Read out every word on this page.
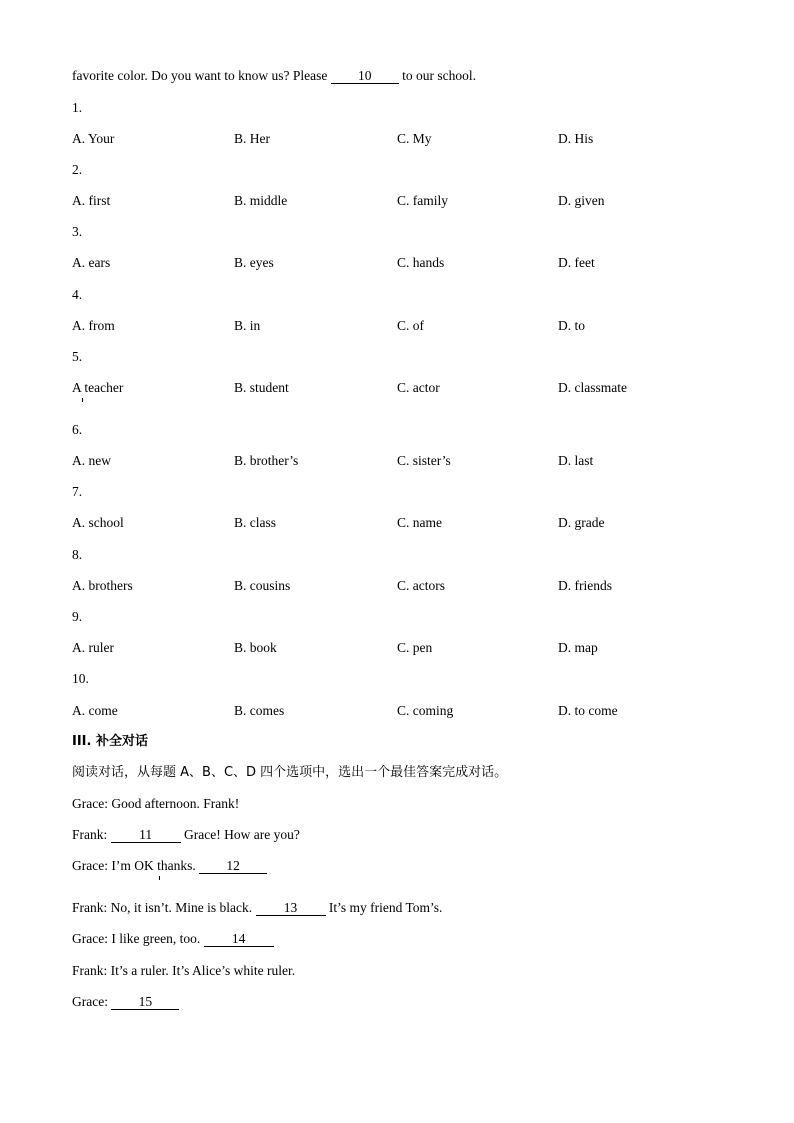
favorite color. Do you want to know us? Please 10 to our school.
1.
A. Your	B. Her	C. My	D. His
2.
A. first	B. middle	C. family	D. given
3.
A. ears	B. eyes	C. hands	D. feet
4.
A. from	B. in	C. of	D. to
5.
A teacher	B. student	C. actor	D. classmate
6.
A. new	B. brother’s	C. sister’s	D. last
7.
A. school	B. class	C. name	D. grade
8.
A. brothers	B. cousins	C. actors	D. friends
9.
A. ruler	B. book	C. pen	D. map
10.
A. come	B. comes	C. coming	D. to come
III. 补全对话
阅读对话，从每题 A、B、C、D 四个选项中，选出一个最佳答案完成对话。
Grace: Good afternoon. Frank!
Frank: 11 Grace! How are you?
Grace: I’m OK thanks. 12
Frank: No, it isn’t. Mine is black. 13 It’s my friend Tom’s.
Grace: I like green, too. 14
Frank: It’s a ruler. It’s Alice’s white ruler.
Grace: 15
